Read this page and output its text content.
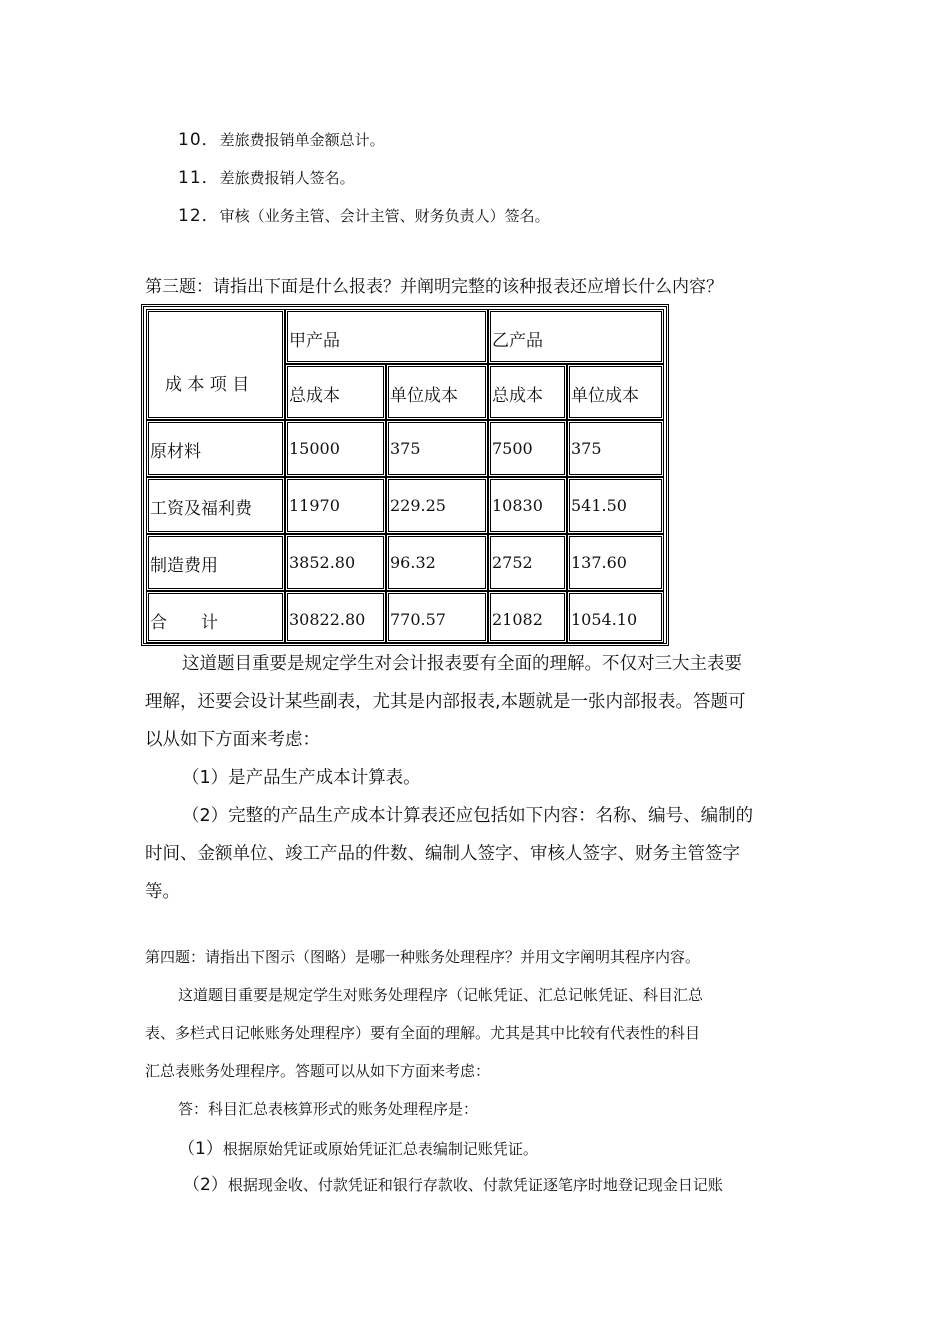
10．差旅费报销单金额总计。
11．差旅费报销人签名。
12．审核（业务主管、会计主管、财务负责人）签名。
第三题：请指出下面是什么报表？并阐明完整的该种报表还应增长什么内容？
成 本 项 目
甲产品	乙产品
总成本	单位成本 总成本 单位成本
原材料	15000	375	7500 375
工资及福利费 11970	229.25	10830 541.50
制造费用	3852.80 96.32	2752 137.60
合　　计	30822.80 770.57	21082 1054.10
这道题目重要是规定学生对会计报表要有全面的理解。不仅对三大主表要
理解，还要会设计某些副表，尤其是内部报表,本题就是一张内部报表。答题可
以从如下方面来考虑：
（1）是产品生产成本计算表。
（2）完整的产品生产成本计算表还应包括如下内容：名称、编号、编制的
时间、金额单位、竣工产品的件数、编制人签字、审核人签字、财务主管签字
等。
第四题：请指出下图示（图略）是哪一种账务处理程序？并用文字阐明其程序内容。
这道题目重要是规定学生对账务处理程序（记帐凭证、汇总记帐凭证、科目汇总
表、多栏式日记帐账务处理程序）要有全面的理解。尤其是其中比较有代表性的科目
汇总表账务处理程序。答题可以从如下方面来考虑：
答：科目汇总表核算形式的账务处理程序是：
（1）根据原始凭证或原始凭证汇总表编制记账凭证。
（2）根据现金收、付款凭证和银行存款收、付款凭证逐笔序时地登记现金日记账
